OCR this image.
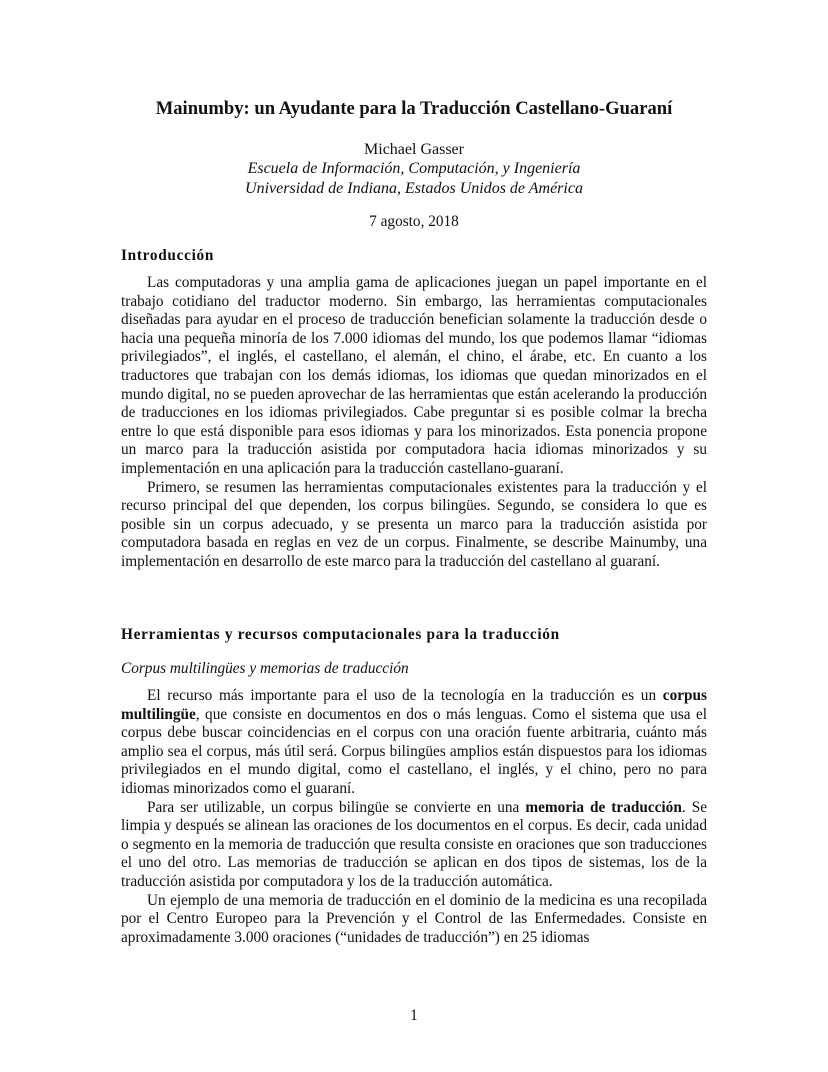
Mainumby: un Ayudante para la Traducción Castellano-Guaraní
Michael Gasser
Escuela de Información, Computación, y Ingeniería
Universidad de Indiana, Estados Unidos de América
7 agosto, 2018
Introducción

Las computadoras y una amplia gama de aplicaciones juegan un papel importante en el trabajo cotidiano del traductor moderno. Sin embargo, las herramientas computacionales diseñadas para ayudar en el proceso de traducción benefician solamente la traducción desde o hacia una pequeña minoría de los 7.000 idiomas del mundo, los que podemos llamar “idiomas privilegiados”, el inglés, el castellano, el alemán, el chino, el árabe, etc. En cuanto a los traductores que trabajan con los demás idiomas, los idiomas que quedan minorizados en el mundo digital, no se pueden aprovechar de las herramientas que están acelerando la producción de traducciones en los idiomas privilegiados. Cabe preguntar si es posible colmar la brecha entre lo que está disponible para esos idiomas y para los minorizados. Esta ponencia propone un marco para la traducción asistida por computadora hacia idiomas minorizados y su implementación en una aplicación para la traducción castellano-guaraní.

Primero, se resumen las herramientas computacionales existentes para la traducción y el recurso principal del que dependen, los corpus bilingües. Segundo, se considera lo que es posible sin un corpus adecuado, y se presenta un marco para la traducción asistida por computadora basada en reglas en vez de un corpus. Finalmente, se describe Mainumby, una implementación en desarrollo de este marco para la traducción del castellano al guaraní.

Herramientas y recursos computacionales para la traducción
Corpus multilingües y memorias de traducción

El recurso más importante para el uso de la tecnología en la traducción es un corpus multilingüe, que consiste en documentos en dos o más lenguas. Como el sistema que usa el corpus debe buscar coincidencias en el corpus con una oración fuente arbitraria, cuánto más amplio sea el corpus, más útil será. Corpus bilingües amplios están dispuestos para los idiomas privilegiados en el mundo digital, como el castellano, el inglés, y el chino, pero no para idiomas minorizados como el guaraní.

Para ser utilizable, un corpus bilingüe se convierte en una memoria de traducción. Se limpia y después se alinean las oraciones de los documentos en el corpus. Es decir, cada unidad o segmento en la memoria de traducción que resulta consiste en oraciones que son traducciones el uno del otro. Las memorias de traducción se aplican en dos tipos de sistemas, los de la traducción asistida por computadora y los de la traducción automática.

Un ejemplo de una memoria de traducción en el dominio de la medicina es una recopilada por el Centro Europeo para la Prevención y el Control de las Enfermedades. Consiste en aproximadamente 3.000 oraciones (“unidades de traducción”) en 25 idiomas

1
